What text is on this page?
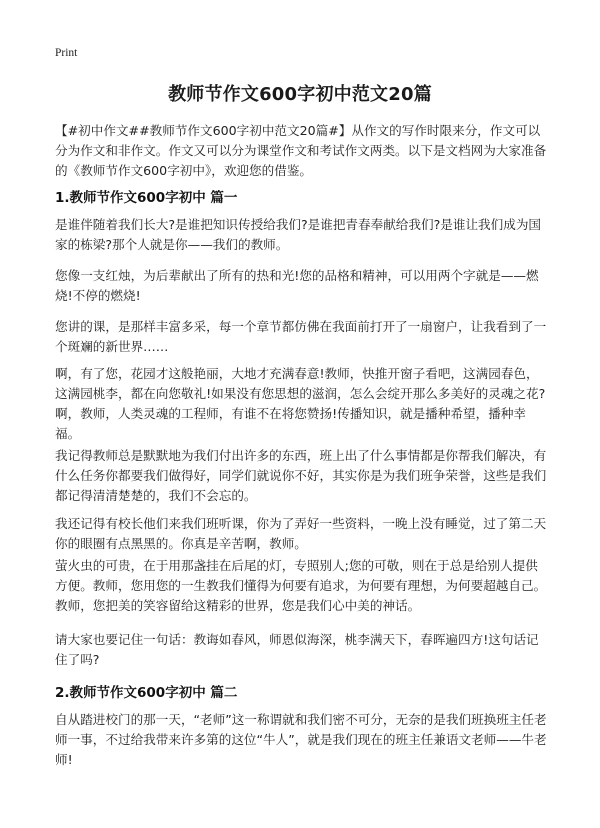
Print
教师节作文600字初中范文20篇
【#初中作文##教师节作文600字初中范文20篇#】从作文的写作时限来分，作文可以分为作文和非作文。作文又可以分为课堂作文和考试作文两类。以下是文档网为大家准备的《教师节作文600字初中》，欢迎您的借鉴。
1.教师节作文600字初中 篇一
是谁伴随着我们长大?是谁把知识传授给我们?是谁把青春奉献给我们?是谁让我们成为国家的栋梁?那个人就是你——我们的教师。
您像一支红烛，为后辈献出了所有的热和光!您的品格和精神，可以用两个字就是——燃烧!不停的燃烧!
您讲的课，是那样丰富多采，每一个章节都仿佛在我面前打开了一扇窗户，让我看到了一个斑斓的新世界……
啊，有了您，花园才这般艳丽，大地才充满春意!教师，快推开窗子看吧，这满园春色，这满园桃李，都在向您敬礼!如果没有您思想的滋润，怎么会绽开那么多美好的灵魂之花?啊，教师，人类灵魂的工程师，有谁不在将您赞扬!传播知识，就是播种希望，播种幸福。
我记得教师总是默默地为我们付出许多的东西，班上出了什么事情都是你帮我们解决，有什么任务你都要我们做得好，同学们就说你不好，其实你是为我们班争荣誉，这些是我们都记得清清楚楚的，我们不会忘的。
我还记得有校长他们来我们班听课，你为了弄好一些资料，一晚上没有睡觉，过了第二天你的眼圈有点黑黑的。你真是辛苦啊，教师。
萤火虫的可贵，在于用那盏挂在后尾的灯，专照别人;您的可敬，则在于总是给别人提供方便。教师，您用您的一生教我们懂得为何要有追求，为何要有理想，为何要超越自己。教师，您把美的笑容留给这精彩的世界，您是我们心中美的神话。
请大家也要记住一句话：教诲如春风，师恩似海深，桃李满天下，春晖遍四方!这句话记住了吗?
2.教师节作文600字初中 篇二
自从踏进校门的那一天，“老师”这一称谓就和我们密不可分，无奈的是我们班换班主任老师一事，不过给我带来许多第的这位“牛人”，就是我们现在的班主任兼语文老师——牛老师!
